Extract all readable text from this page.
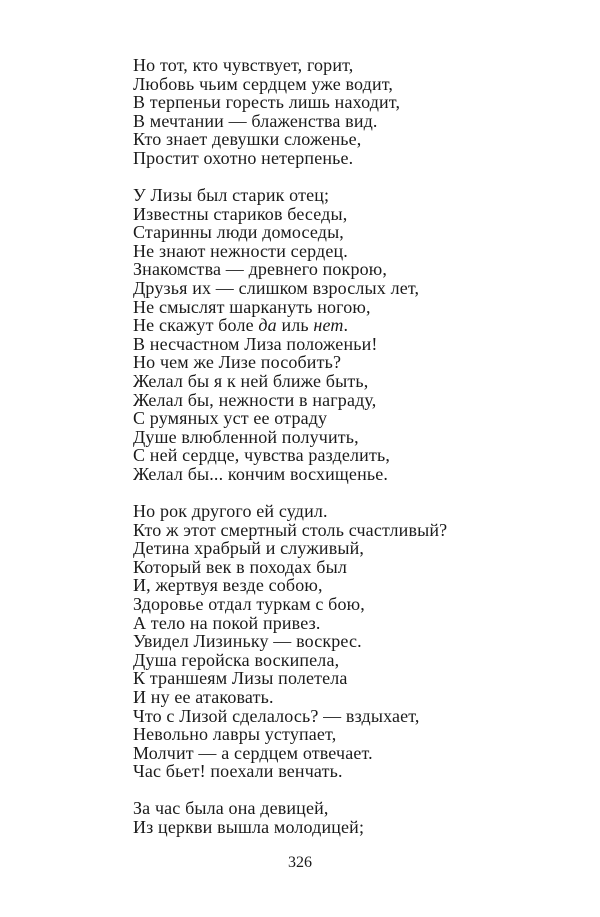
Но тот, кто чувствует, горит,
Любовь чьим сердцем уже водит,
В терпеньи горесть лишь находит,
В мечтании — блаженства вид.
Кто знает девушки сложенье,
Простит охотно нетерпенье.
У Лизы был старик отец;
Известны стариков беседы,
Старинны люди домоседы,
Не знают нежности сердец.
Знакомства — древнего покрою,
Друзья их — слишком взрослых лет,
Не смыслят шаркануть ногою,
Не скажут боле да иль нет.
В несчастном Лиза положеньи!
Но чем же Лизе пособить?
Желал бы я к ней ближе быть,
Желал бы, нежности в награду,
С румяных уст ее отраду
Душе влюбленной получить,
С ней сердце, чувства разделить,
Желал бы... кончим восхищенье.
Но рок другого ей судил.
Кто ж этот смертный столь счастливый?
Детина храбрый и служивый,
Который век в походах был
И, жертвуя везде собою,
Здоровье отдал туркам с бою,
А тело на покой привез.
Увидел Лизиньку — воскрес.
Душа геройска воскипела,
К траншеям Лизы полетела
И ну ее атаковать.
Что с Лизой сделалось? — вздыхает,
Невольно лавры уступает,
Молчит — а сердцем отвечает.
Час бьет! поехали венчать.
За час была она девицей,
Из церкви вышла молодицей;
326
